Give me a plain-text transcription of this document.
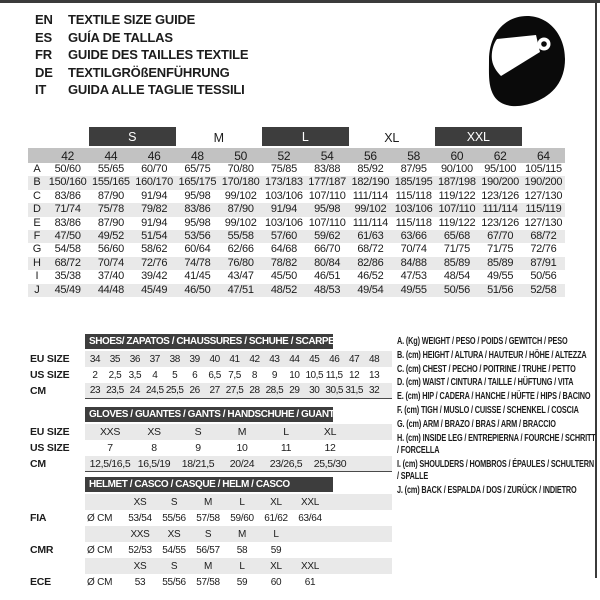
EN	TEXTILE SIZE GUIDE
ES	GUÍA DE TALLAS
FR	GUIDE DES TAILLES TEXTILE
DE	TEXTILGRÖßENFÜHRUNG
IT	GUIDA ALLE TAGLIE TESSILI
S	M	L	XL	XXL
42	44	46	48	50	52	54	56	58	60	62	64
A	50/60	55/65	60/70	65/75	70/80	75/85	83/88	85/92	87/95	90/100	95/100 105/115
B 150/160 155/165 160/170 165/175 170/180 173/183 177/187 182/190 185/195 187/198 190/200 190/200
C	83/86	87/90	91/94	95/98	99/102 103/106 107/110 111/114 115/118 119/122 123/126 127/130
D	71/74	75/78	79/82	83/86	87/90	91/94	95/98	99/102 103/106 107/110 111/114 115/119
E	83/86	87/90	91/94	95/98	99/102 103/106 107/110 111/114 115/118 119/122 123/126 127/130
F	47/50	49/52	51/54	53/56	55/58	57/60	59/62	61/63	63/66	65/68	67/70	68/72
G	54/58	56/60	58/62	60/64	62/66	64/68	66/70	68/72	70/74	71/75	71/75	72/76
H	68/72	70/74	72/76	74/78	76/80	78/82	80/84	82/86	84/88	85/89	85/89	87/91
I	35/38	37/40	39/42	41/45	43/47	45/50	46/51	46/52	47/53	48/54	49/55	50/56
J	45/49	44/48	45/49	46/50	47/51	48/52	48/53	49/54	49/55	50/56	51/56	52/58
SHOES/ ZAPATOS / CHAUSSURES / SCHUHE / SCARPE
EU SIZE	34 35 36 37 38 39 40 41 42 43 44 45 46 47 48
US SIZE	2	2,5 3,5	4	5	6	6,5 7,5	8	9	10 10,5 11,5 12 13
CM	23 23,5 24 24,5 25,5 26 27 27,5 28 28,5 29 30 30,5 31,5 32
GLOVES / GUANTES / GANTS / HANDSCHUHE / GUANTI
EU SIZE	XXS	XS	S	M	L	XL
US SIZE	7	8	9	10	11	12
CM	12,5/16,5 16,5/19	18/21,5	20/24	23/26,5	25,5/30
HELMET / CASCO / CASQUE / HELM / CASCO
XS	S	M	L	XL	XXL
FIA	Ø CM	53/54	55/56	57/58	59/60	61/62	63/64
XXS	XS	S	M	L
CMR	Ø CM	52/53	54/55	56/57	58	59
XS	S	M	L	XL	XXL
ECE	Ø CM	53	55/56	57/58	59	60	61
A. (Kg) WEIGHT / PESO / POIDS / GEWITCH / PESO
B. (cm) HEIGHT / ALTURA / HAUTEUR / HÖHE / ALTEZZA
C. (cm) CHEST / PECHO / POITRINE / TRUHE / PETTO
D. (cm) WAIST / CINTURA / TAILLE / HÜFTUNG / VITA
E. (cm) HIP / CADERA / HANCHE / HÜFTE / HIPS / BACINO
F. (cm) TIGH / MUSLO / CUISSE / SCHENKEL / COSCIA
G. (cm) ARM / BRAZO / BRAS / ARM / BRACCIO
H. (cm) INSIDE LEG / ENTREPIERNA / FOURCHE / SCHRITT / FORCELLA
I. (cm) SHOULDERS / HOMBROS / ÉPAULES / SCHULTERN / SPALLE
J. (cm) BACK / ESPALDA / DOS / ZURÜCK / INDIETRO
